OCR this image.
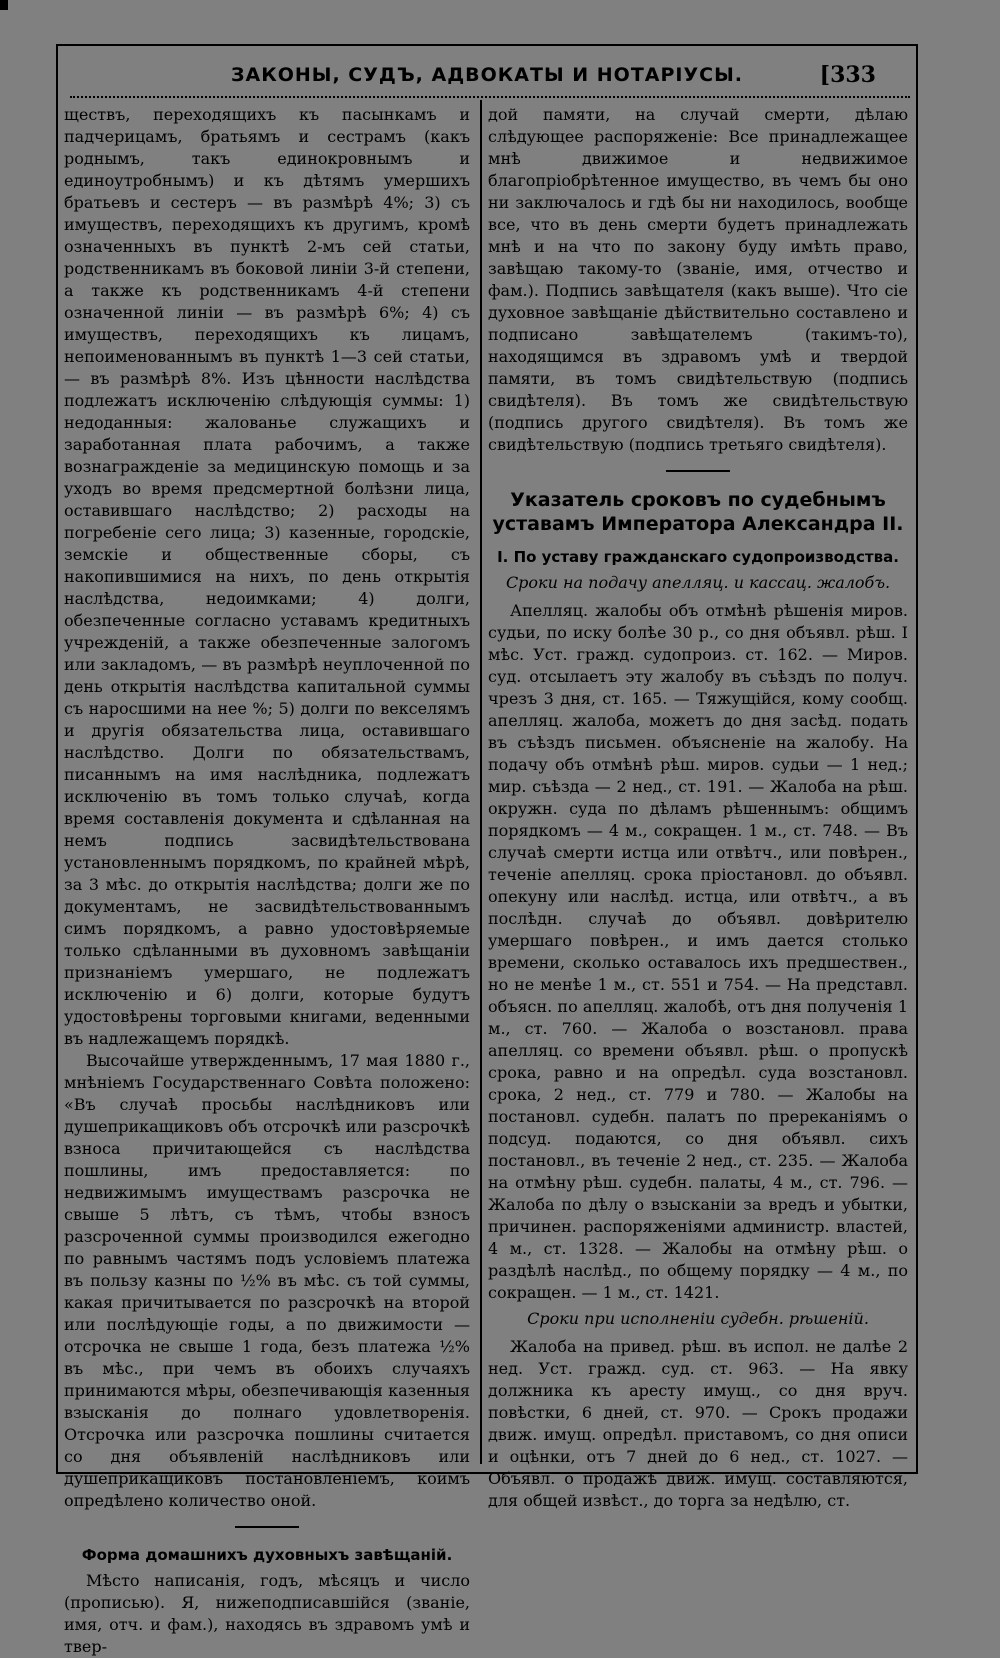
ЗАКОНЫ, СУДЪ, АДВОКАТЫ И НОТАРІУСЫ.	[333

ществъ, переходящихъ къ пасынкамъ и падчерицамъ, братьямъ и сестрамъ (какъ роднымъ, такъ единокровнымъ и единоутробнымъ) и къ дѣтямъ умершихъ братьевъ и сестеръ — въ размѣрѣ 4%; 3) съ имуществъ, переходящихъ къ другимъ, кромѣ означенныхъ въ пунктѣ 2-мъ сей статьи, родственникамъ въ боковой линіи 3-й степени, а также къ родственникамъ 4-й степени означенной линіи — въ размѣрѣ 6%; 4) съ имуществъ, переходящихъ къ лицамъ, непоименованнымъ въ пунктѣ 1—3 сей статьи, — въ размѣрѣ 8%. Изъ цѣнности наслѣдства подлежатъ исключенію слѣдующія суммы: 1) недоданныя: жалованье служащихъ и заработанная плата рабочимъ, а также вознагражденіе за медицинскую помощь и за уходъ во время предсмертной болѣзни лица, оставившаго наслѣдство; 2) расходы на погребеніе сего лица; 3) казенные, городскіе, земскіе и общественные сборы, съ накопившимися на нихъ, по день открытія наслѣдства, недоимками; 4) долги, обезпеченные согласно уставамъ кредитныхъ учрежденій, а также обезпеченные залогомъ или закладомъ, — въ размѣрѣ неуплоченной по день открытія наслѣдства капитальной суммы съ наросшими на нее %; 5) долги по векселямъ и другія обязательства лица, оставившаго наслѣдство. Долги по обязательствамъ, писаннымъ на имя наслѣдника, подлежатъ исключенію въ томъ только случаѣ, когда время составленія документа и сдѣланная на немъ подпись засвидѣтельствована установленнымъ порядкомъ, по крайней мѣрѣ, за 3 мѣс. до открытія наслѣдства; долги же по документамъ, не засвидѣтельствованнымъ симъ порядкомъ, а равно удостовѣряемые только сдѣланными въ духовномъ завѣщаніи признаніемъ умершаго, не подлежатъ исключенію и 6) долги, которые будутъ удостовѣрены торговыми книгами, веденными въ надлежащемъ порядкѣ.

Высочайше утвержденнымъ, 17 мая 1880 г., мнѣніемъ Государственнаго Совѣта положено: «Въ случаѣ просьбы наслѣдниковъ или душеприкащиковъ объ отсрочкѣ или разсрочкѣ взноса причитающейся съ наслѣдства пошлины, имъ предоставляется: по недвижимымъ имуществамъ разсрочка не свыше 5 лѣтъ, съ тѣмъ, чтобы взносъ разсроченной суммы производился ежегодно по равнымъ частямъ подъ условіемъ платежа въ пользу казны по ½% въ мѣс. съ той суммы, какая причитывается по разсрочкѣ на второй или послѣдующіе годы, а по движимости — отсрочка не свыше 1 года, безъ платежа ½% въ мѣс., при чемъ въ обоихъ случаяхъ принимаются мѣры, обезпечивающія казенныя взысканія до полнаго удовлетворенія. Отсрочка или разсрочка пошлины считается со дня объявленій наслѣдниковъ или душеприкащиковъ постановленіемъ, коимъ опредѣлено количество оной.

Форма домашнихъ духовныхъ завѣщаній.

Мѣсто написанія, годъ, мѣсяцъ и число (прописью). Я, нижеподписавшійся (званіе, имя, отч. и фам.), находясь въ здравомъ умѣ и твер-

дой памяти, на случай смерти, дѣлаю слѣдующее распоряженіе: Все принадлежащее мнѣ движимое и недвижимое благопріобрѣтенное имущество, въ чемъ бы оно ни заключалось и гдѣ бы ни находилось, вообще все, что въ день смерти будетъ принадлежать мнѣ и на что по закону буду имѣть право, завѣщаю такому-то (званіе, имя, отчество и фам.). Подпись завѣщателя (какъ выше). Что сіе духовное завѣщаніе дѣйствительно составлено и подписано завѣщателемъ (такимъ-то), находящимся въ здравомъ умѣ и твердой памяти, въ томъ свидѣтельствую (подпись свидѣтеля). Въ томъ же свидѣтельствую (подпись другого свидѣтеля). Въ томъ же свидѣтельствую (подпись третьяго свидѣтеля).

Указатель сроковъ по судебнымъ уставамъ Императора Александра II.
I. По уставу гражданскаго судопроизводства.
Сроки на подачу апелляц. и кассац. жалобъ.

Апелляц. жалобы объ отмѣнѣ рѣшенія миров. судьи, по иску болѣе 30 р., со дня объявл. рѣш. I мѣс. Уст. гражд. судопроиз. ст. 162. — Миров. суд. отсылаетъ эту жалобу въ съѣздъ по получ. чрезъ 3 дня, ст. 165. — Тяжущійся, кому сообщ. апелляц. жалоба, можетъ до дня засѣд. подать въ съѣздъ письмен. объясненіе на жалобу. На подачу объ отмѣнѣ рѣш. миров. судьи — 1 нед.; мир. съѣзда — 2 нед., ст. 191. — Жалоба на рѣш. окружн. суда по дѣламъ рѣшеннымъ: общимъ порядкомъ — 4 м., сокращен. 1 м., ст. 748. — Въ случаѣ смерти истца или отвѣтч., или повѣрен., теченіе апелляц. срока пріостановл. до объявл. опекуну или наслѣд. истца, или отвѣтч., а въ послѣдн. случаѣ до объявл. довѣрителю умершаго повѣрен., и имъ дается столько времени, сколько оставалось ихъ предшествен., но не менѣе 1 м., ст. 551 и 754. — На представл. объясн. по апелляц. жалобѣ, отъ дня полученія 1 м., ст. 760. — Жалоба о возстановл. права апелляц. со времени объявл. рѣш. о пропускѣ срока, равно и на опредѣл. суда возстановл. срока, 2 нед., ст. 779 и 780. — Жалобы на постановл. судебн. палатъ по пререканіямъ о подсуд. подаются, со дня объявл. сихъ постановл., въ теченіе 2 нед., ст. 235. — Жалоба на отмѣну рѣш. судебн. палаты, 4 м., ст. 796. — Жалоба по дѣлу о взысканіи за вредъ и убытки, причинен. распоряженіями администр. властей, 4 м., ст. 1328. — Жалобы на отмѣну рѣш. о раздѣлѣ наслѣд., по общему порядку — 4 м., по сокращен. — 1 м., ст. 1421.

Сроки при исполненіи судебн. рѣшеній.

Жалоба на привед. рѣш. въ испол. не далѣе 2 нед. Уст. гражд. суд. ст. 963. — На явку должника къ аресту имущ., со дня вруч. повѣстки, 6 дней, ст. 970. — Срокъ продажи движ. имущ. опредѣл. приставомъ, со дня описи и оцѣнки, отъ 7 дней до 6 нед., ст. 1027. — Объявл. о продажѣ движ. имущ. составляются, для общей извѣст., до торга за недѣлю, ст.
